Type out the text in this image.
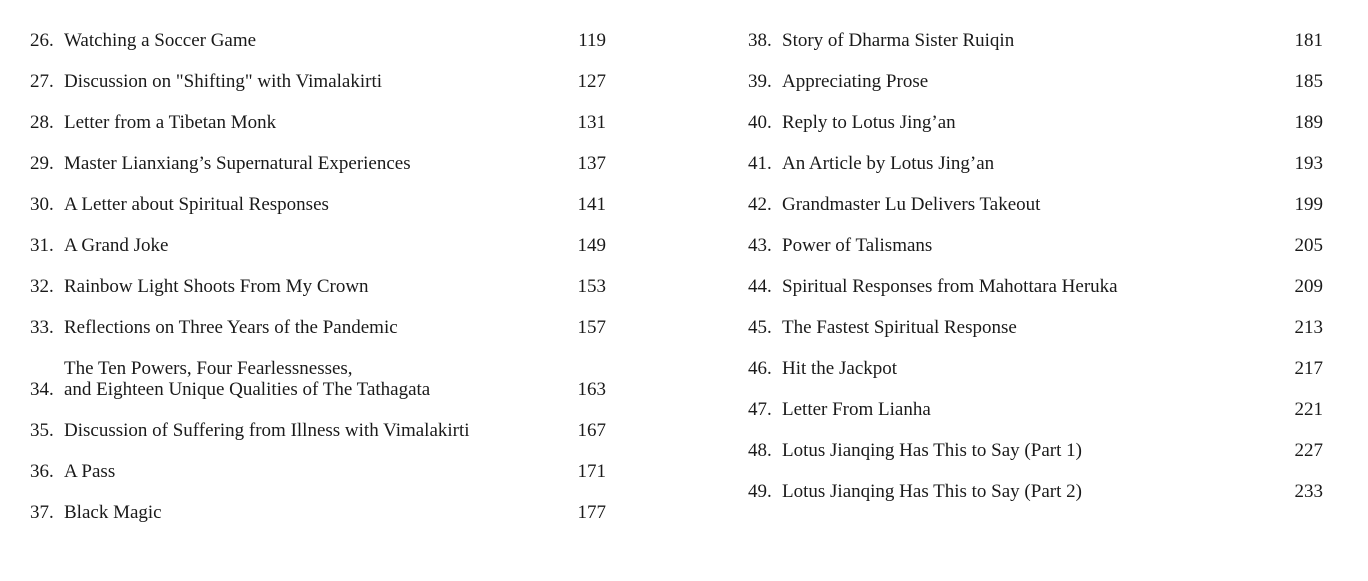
26. Watching a Soccer Game	119
27. Discussion on "Shifting" with Vimalakirti	127
28. Letter from a Tibetan Monk	131
29. Master Lianxiang’s Supernatural Experiences	137
30. A Letter about Spiritual Responses	141
31. A Grand Joke	149
32. Rainbow Light Shoots From My Crown	153
33. Reflections on Three Years of the Pandemic	157
34.
The Ten Powers, Four Fearlessnesses,
and Eighteen Unique Qualities of The Tathagata	163
35. Discussion of Suffering from Illness with Vimalakirti	167
36. A Pass	171
37. Black Magic	177
38. Story of Dharma Sister Ruiqin	181
39. Appreciating Prose	185
40. Reply to Lotus Jing’an	189
41. An Article by Lotus Jing’an	193
42. Grandmaster Lu Delivers Takeout	199
43. Power of Talismans	205
44. Spiritual Responses from Mahottara Heruka	209
45. The Fastest Spiritual Response	213
46. Hit the Jackpot	217
47. Letter From Lianha	221
48. Lotus Jianqing Has This to Say (Part 1)	227
49. Lotus Jianqing Has This to Say (Part 2)	233
